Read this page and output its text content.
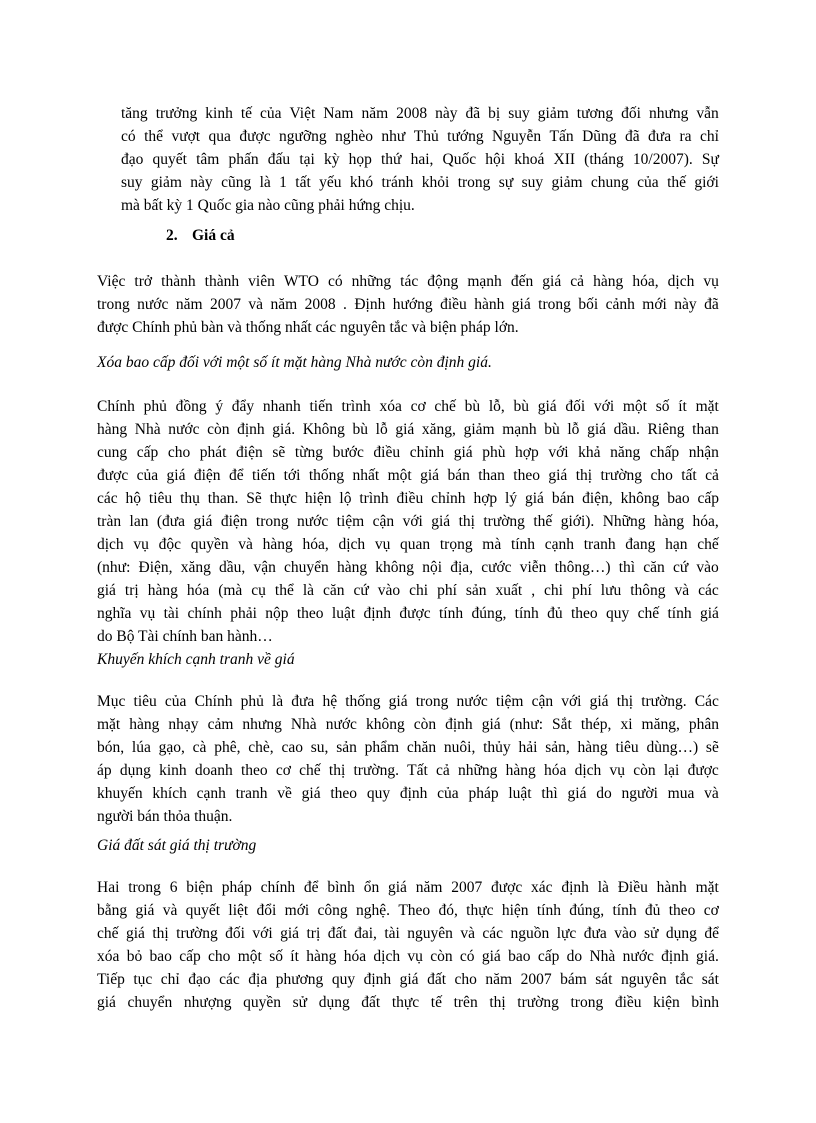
tăng trưởng kinh tế của Việt Nam năm 2008 này đã bị suy giảm tương đối nhưng vẫn
có thể vượt qua được ngưỡng nghèo như Thủ tướng Nguyễn Tấn Dũng đã đưa ra chỉ
đạo quyết tâm phấn đấu tại kỳ họp thứ hai, Quốc hội khoá XII (tháng 10/2007). Sự
suy giảm này cũng là 1 tất yếu khó tránh khỏi trong sự suy giảm chung của thế giới
mà bất kỳ 1 Quốc gia nào cũng phải hứng chịu.
2. Giá cả
Việc trở thành thành viên WTO có những tác động mạnh đến giá cả hàng hóa, dịch vụ
trong nước năm 2007 và năm 2008 . Định hướng điều hành giá trong bối cảnh mới này đã
được Chính phủ bàn và thống nhất các nguyên tắc và biện pháp lớn.
Xóa bao cấp đối với một số ít mặt hàng Nhà nước còn định giá.
Chính phủ đồng ý đẩy nhanh tiến trình xóa cơ chế bù lỗ, bù giá đối với một số ít mặt
hàng Nhà nước còn định giá. Không bù lỗ giá xăng, giảm mạnh bù lỗ giá dầu. Riêng than
cung cấp cho phát điện sẽ từng bước điều chỉnh giá phù hợp với khả năng chấp nhận
được của giá điện để tiến tới thống nhất một giá bán than theo giá thị trường cho tất cả
các hộ tiêu thụ than. Sẽ thực hiện lộ trình điều chỉnh hợp lý giá bán điện, không bao cấp
tràn lan (đưa giá điện trong nước tiệm cận với giá thị trường thế giới). Những hàng hóa,
dịch vụ độc quyền và hàng hóa, dịch vụ quan trọng mà tính cạnh tranh đang hạn chế
(như: Điện, xăng dầu, vận chuyển hàng không nội địa, cước viễn thông…) thì căn cứ vào
giá trị hàng hóa (mà cụ thể là căn cứ vào chi phí sản xuất , chi phí lưu thông và các
nghĩa vụ tài chính phải nộp theo luật định được tính đúng, tính đủ theo quy chế tính giá
do Bộ Tài chính ban hành…
Khuyến khích cạnh tranh về giá
Mục tiêu của Chính phủ là đưa hệ thống giá trong nước tiệm cận với giá thị trường. Các
mặt hàng nhạy cảm nhưng Nhà nước không còn định giá (như: Sắt thép, xi măng, phân
bón, lúa gạo, cà phê, chè, cao su, sản phẩm chăn nuôi, thủy hải sản, hàng tiêu dùng…) sẽ
áp dụng kinh doanh theo cơ chế thị trường. Tất cả những hàng hóa dịch vụ còn lại được
khuyến khích cạnh tranh về giá theo quy định của pháp luật thì giá do người mua và
người bán thỏa thuận.
Giá đất sát giá thị trường
Hai trong 6 biện pháp chính để bình ổn giá năm 2007 được xác định là Điều hành mặt
bằng giá và quyết liệt đổi mới công nghệ. Theo đó, thực hiện tính đúng, tính đủ theo cơ
chế giá thị trường đối với giá trị đất đai, tài nguyên và các nguồn lực đưa vào sử dụng để
xóa bỏ bao cấp cho một số ít hàng hóa dịch vụ còn có giá bao cấp do Nhà nước định giá.
Tiếp tục chỉ đạo các địa phương quy định giá đất cho năm 2007 bám sát nguyên tắc sát
giá chuyển nhượng quyền sử dụng đất thực tế trên thị trường trong điều kiện bình
